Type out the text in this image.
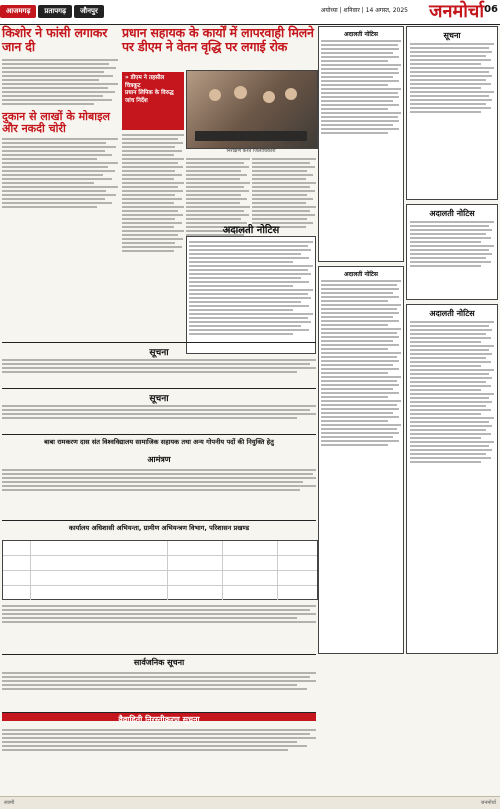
आजमगढ़	प्रतापगढ़	जौनपुर	अयोध्या | शनिवार | 14 अगस्त, 2025 जनमोर्चा 06
किशोर ने फांसी लगाकर जान दी
दुकान से लाखों के मोबाइल और नकदी चोरी
प्रधान सहायक के कार्यों में लापरवाही मिलने पर डीएम ने वेतन वृद्धि पर लगाई रोक

» डीएम ने तहसील चित्रकूट

प्रधान लिपिक के विरुद्ध

जांच निर्देश

निरीक्षण करते जिलाधिकारी
अदालती नोटिस
अदालती नोटिस
अदालती नोटिस
सूचना
अदालती नोटिस
अदालती नोटिस
सूचना
सूचना
बाबा रामकरण दास संत विश्वविद्यालय सामाजिक सहायक तथा अन्य गोपनीय पदों की नियुक्ति हेतु
आमंत्रण
कार्यालय अधिशासी अभियन्ता, ग्रामीण अभियन्त्रण विभाग, परिशासन प्रखण्ड

सार्वजनिक सूचना
वैवाहिती निरस्तीकरण सूचना
स्वामी	जनमोर्चा
